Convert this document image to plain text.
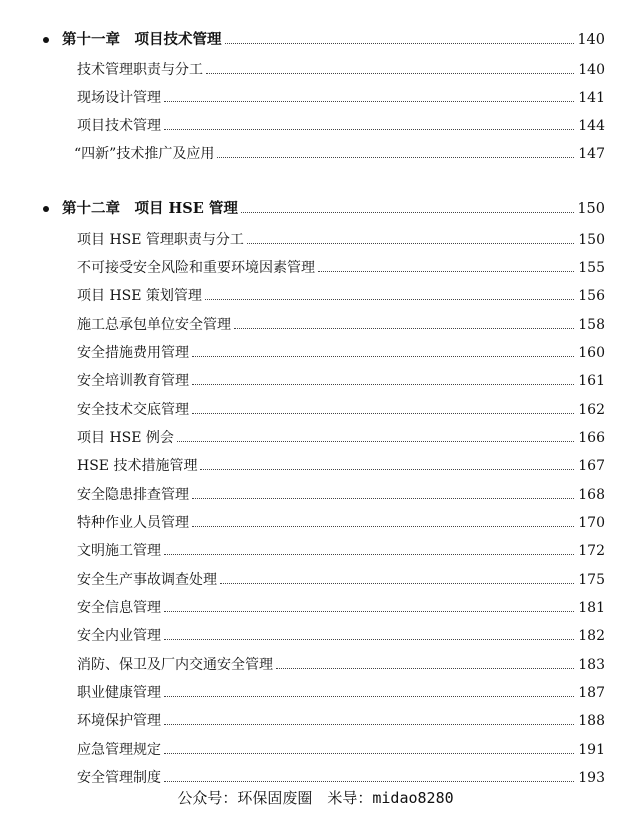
第十一章　项目技术管理	140
技术管理职责与分工	140
现场设计管理	141
项目技术管理	144
“四新”技术推广及应用	147
第十二章　项目 HSE 管理	150
项目 HSE 管理职责与分工	150
不可接受安全风险和重要环境因素管理	155
项目 HSE 策划管理	156
施工总承包单位安全管理	158
安全措施费用管理	160
安全培训教育管理	161
安全技术交底管理	162
项目 HSE 例会	166
HSE 技术措施管理	167
安全隐患排查管理	168
特种作业人员管理	170
文明施工管理	172
安全生产事故调查处理	175
安全信息管理	181
安全内业管理	182
消防、保卫及厂内交通安全管理	183
职业健康管理	187
环境保护管理	188
应急管理规定	191
安全管理制度	193
公众号：环保固废圈　米导：midao8280
